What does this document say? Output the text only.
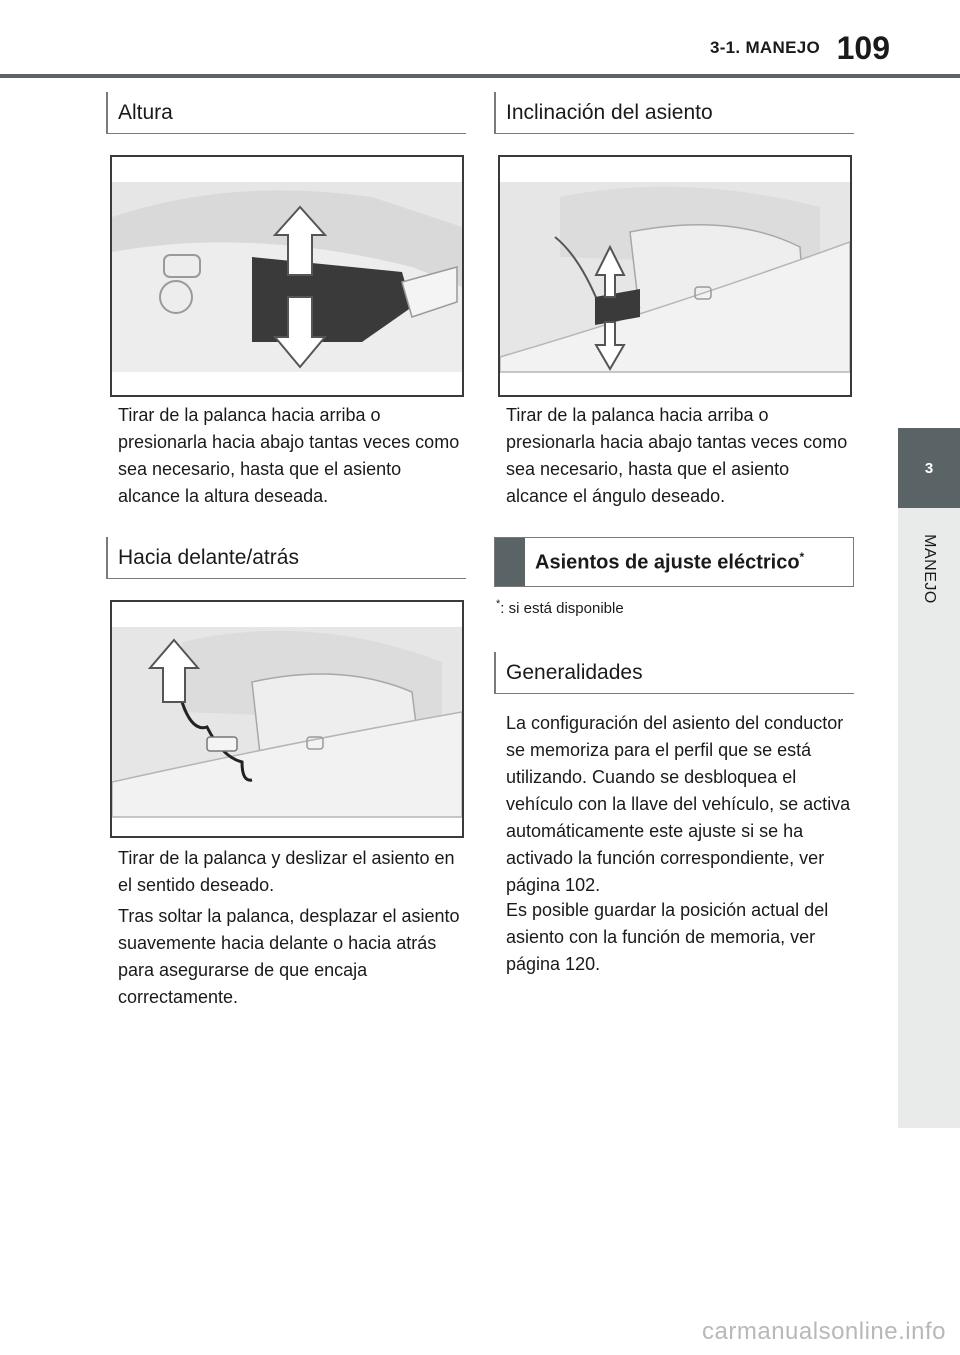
3-1. MANEJO 109
3
MANEJO
Altura

Tirar de la palanca hacia arriba o presionarla hacia abajo tantas veces como sea necesario, hasta que el asiento alcance la altura deseada.

Hacia delante/atrás

Tirar de la palanca y deslizar el asiento en el sentido deseado.

Tras soltar la palanca, desplazar el asiento suavemente hacia delante o hacia atrás para asegurarse de que encaja correctamente.

Inclinación del asiento

Tirar de la palanca hacia arriba o presionarla hacia abajo tantas veces como sea necesario, hasta que el asiento alcance el ángulo deseado.

Asientos de ajuste eléctrico*
*: si está disponible
Generalidades

La configuración del asiento del conductor se memoriza para el perfil que se está utilizando. Cuando se desbloquea el vehículo con la llave del vehículo, se activa automáticamente este ajuste si se ha activado la función correspondiente, ver página 102.

Es posible guardar la posición actual del asiento con la función de memoria, ver página 120.

carmanualsonline.info
